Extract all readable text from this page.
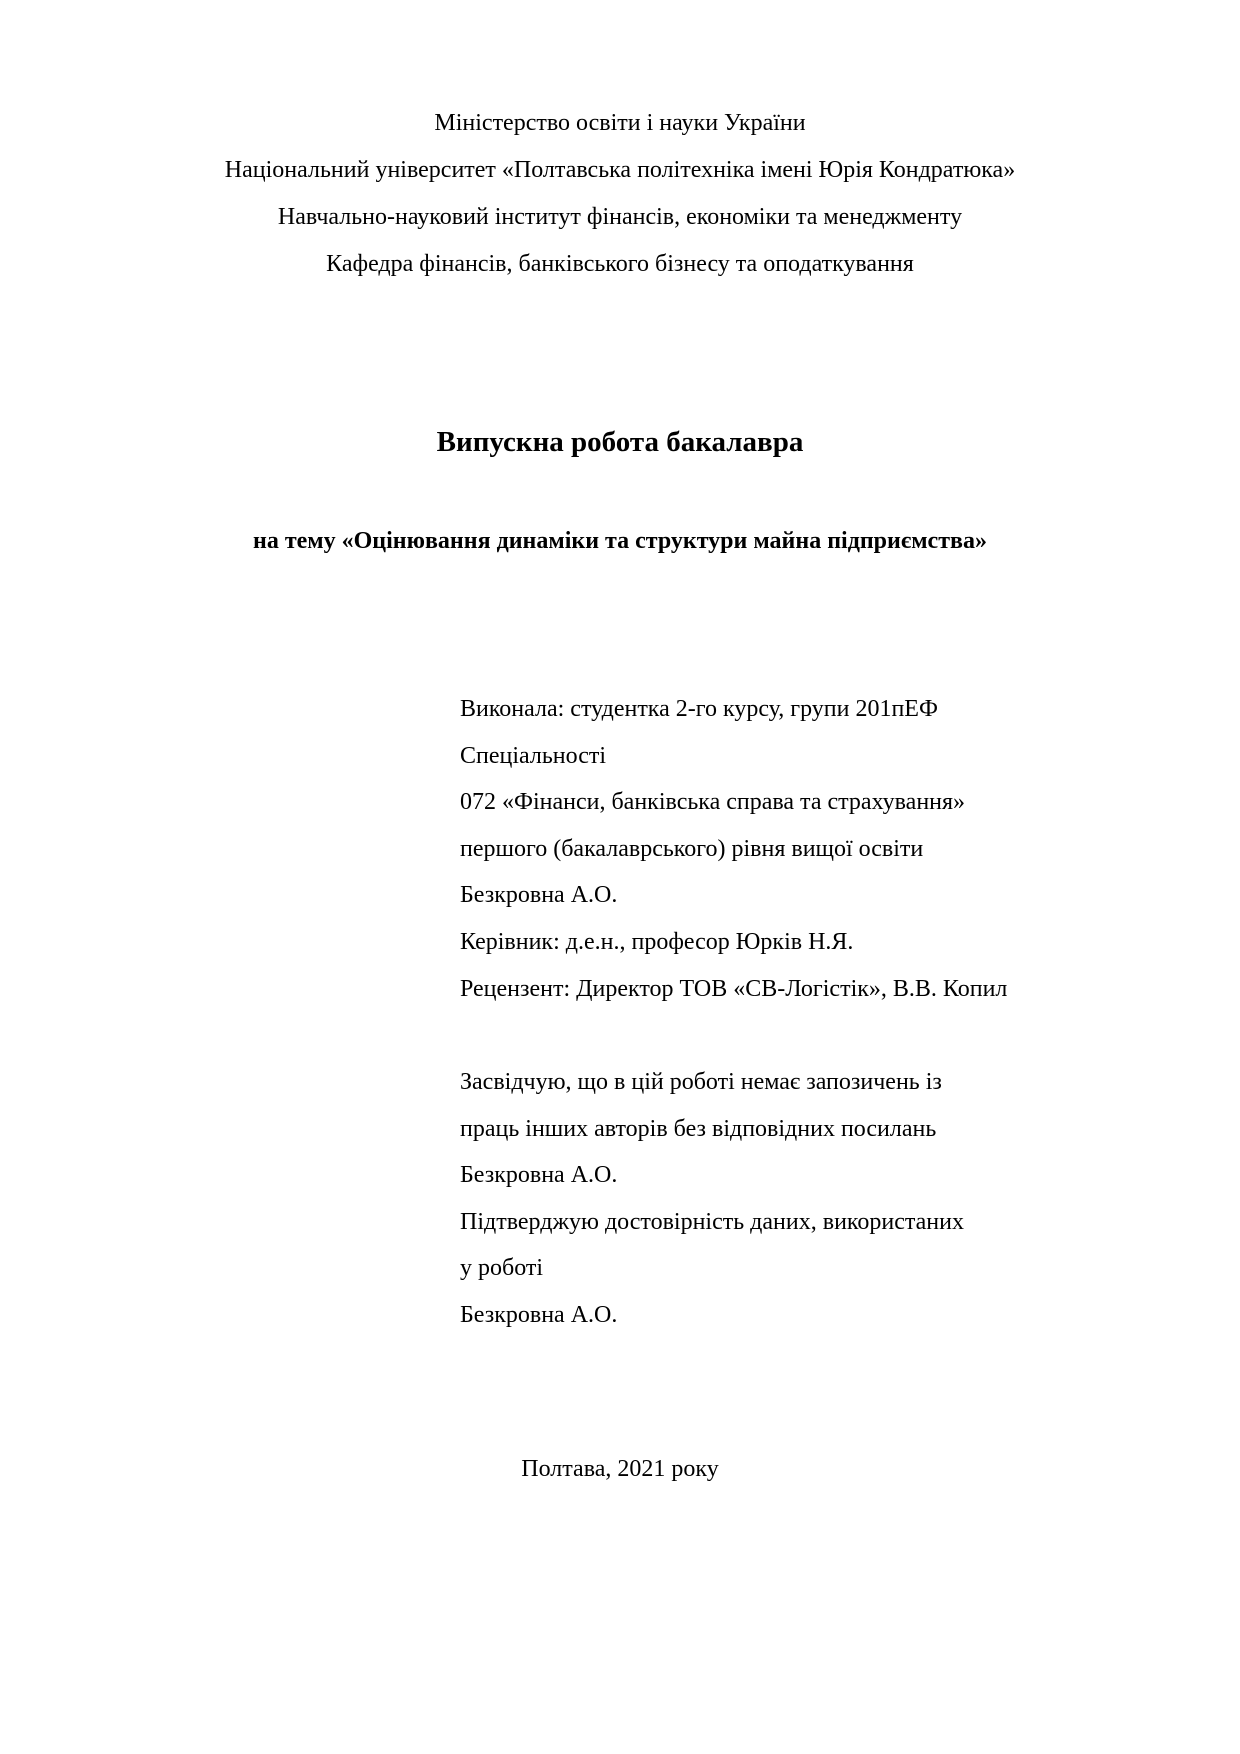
Міністерство освіти і науки України
Національний університет «Полтавська політехніка імені Юрія Кондратюка»
Навчально-науковий інститут фінансів, економіки та менеджменту
Кафедра фінансів, банківського бізнесу та оподаткування
Випускна робота бакалавра
на тему «Оцінювання динаміки та структури майна підприємства»
Виконала: студентка 2-го курсу, групи 201пЕФ
Спеціальності
072 «Фінанси, банківська справа та страхування»
першого (бакалаврського) рівня вищої освіти
Безкровна А.О.
Керівник: д.е.н., професор Юрків Н.Я.
Рецензент: Директор ТОВ «СВ-Логістік», В.В. Копил
Засвідчую, що в цій роботі немає запозичень із
праць інших авторів без відповідних посилань
Безкровна А.О.
Підтверджую достовірність даних, використаних
у роботі
Безкровна А.О.
Полтава, 2021 року
